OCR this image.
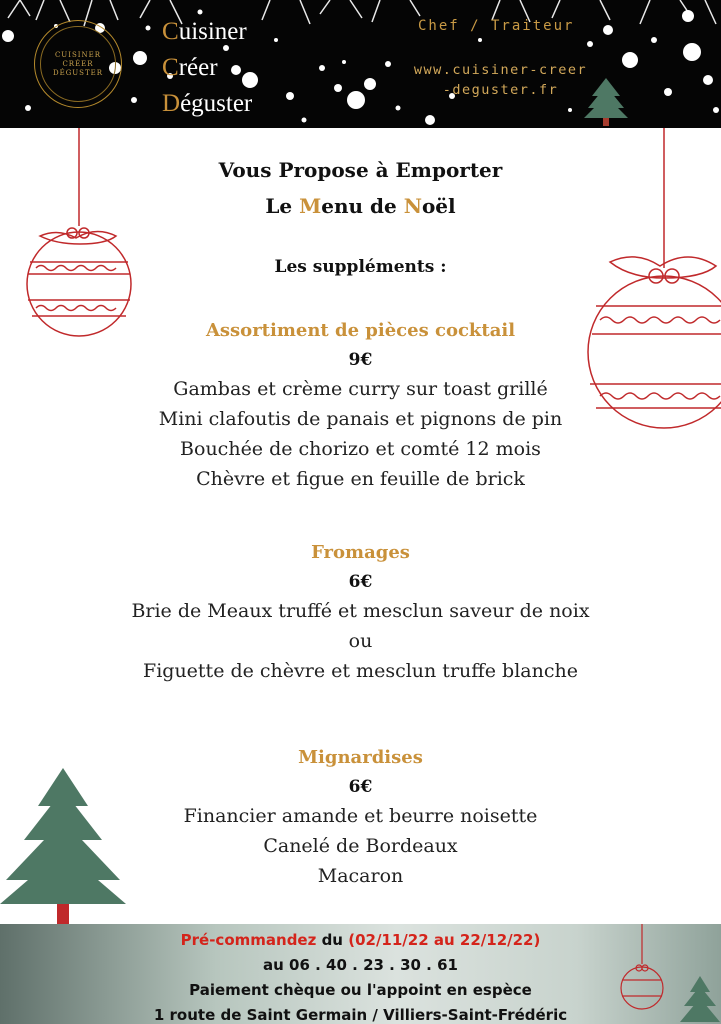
CUISINER
CRÉER
DÉGUSTER
Cuisiner
Créer
Déguster
Chef / Traiteur
www.cuisiner-creer
-deguster.fr
Vous Propose à Emporter
Le Menu de Noël
Les suppléments :
Assortiment de pièces cocktail
9€
Gambas et crème curry sur toast grillé
Mini clafoutis de panais et pignons de pin
Bouchée de chorizo et comté 12 mois
Chèvre et figue en feuille de brick
Fromages
6€
Brie de Meaux truffé et mesclun saveur de noix
ou
Figuette de chèvre et mesclun truffe blanche
Mignardises
6€
Financier amande et beurre noisette
Canelé de Bordeaux
Macaron
Pré-commandez du (02/11/22 au 22/12/22)
au 06 . 40 . 23 . 30 . 61
Paiement chèque ou l'appoint en espèce
1 route de Saint Germain / Villiers-Saint-Frédéric
